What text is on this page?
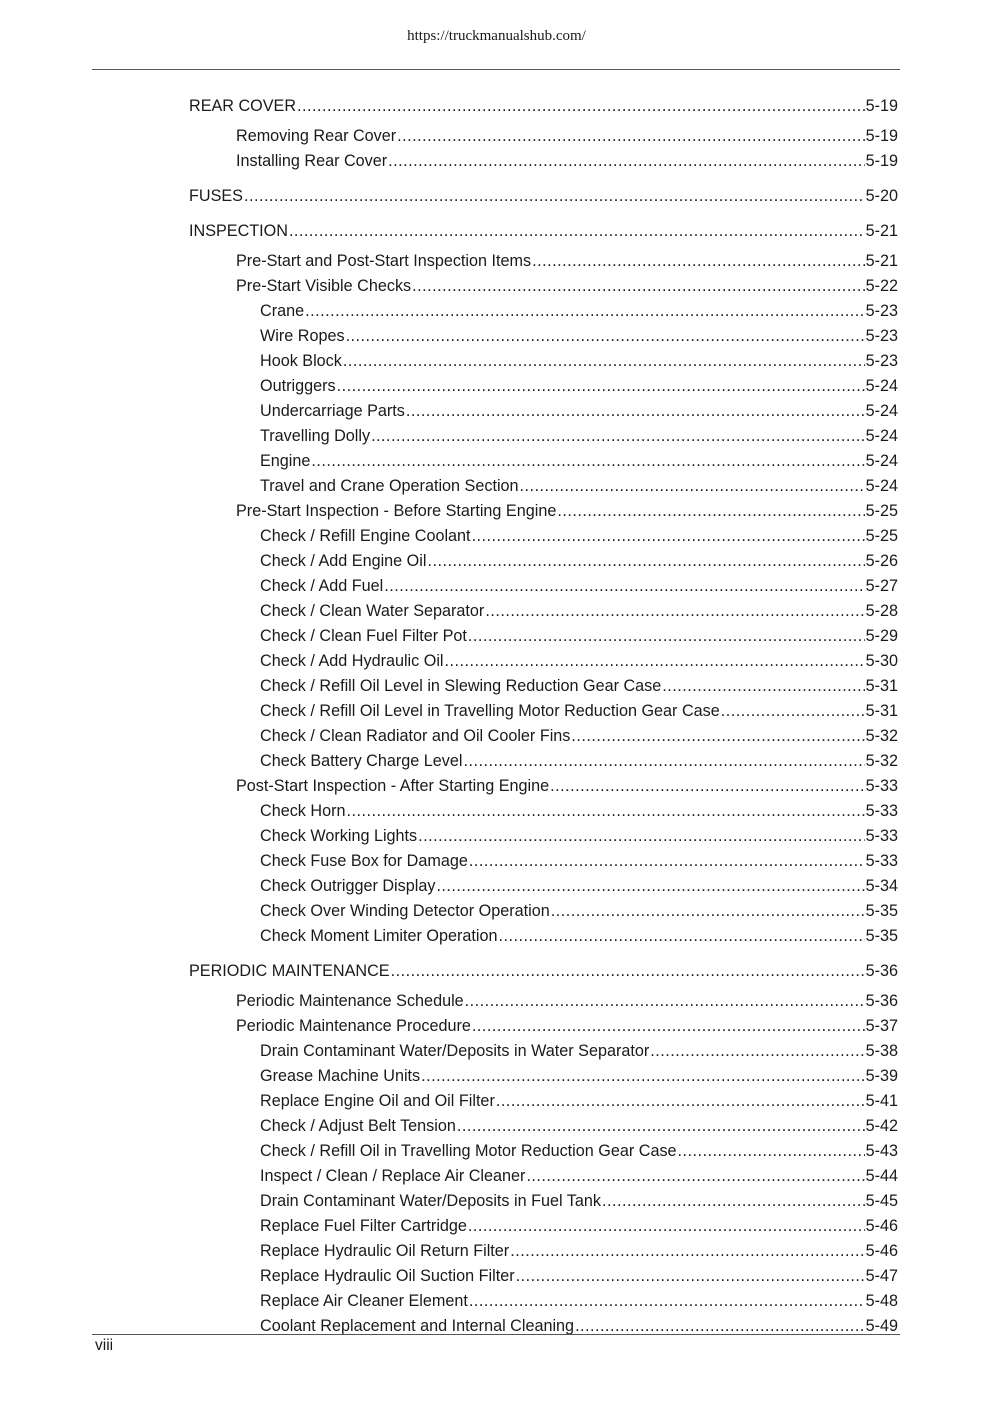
https://truckmanualshub.com/
REAR COVER .....	5-19
Removing Rear Cover .....	5-19
Installing Rear Cover .....	5-19
FUSES .....	5-20
INSPECTION .....	5-21
Pre-Start and Post-Start Inspection Items .....	5-21
Pre-Start Visible Checks .....	5-22
Crane .....	5-23
Wire Ropes .....	5-23
Hook Block .....	5-23
Outriggers .....	5-24
Undercarriage Parts .....	5-24
Travelling Dolly .....	5-24
Engine .....	5-24
Travel and Crane Operation Section .....	5-24
Pre-Start Inspection - Before Starting Engine .....	5-25
Check / Refill Engine Coolant .....	5-25
Check / Add Engine Oil .....	5-26
Check / Add Fuel .....	5-27
Check / Clean Water Separator .....	5-28
Check / Clean Fuel Filter Pot .....	5-29
Check / Add Hydraulic Oil .....	5-30
Check / Refill Oil Level in Slewing Reduction Gear Case .....	5-31
Check / Refill Oil Level in Travelling Motor Reduction Gear Case .....	5-31
Check / Clean Radiator and Oil Cooler Fins .....	5-32
Check Battery Charge Level .....	5-32
Post-Start Inspection - After Starting Engine .....	5-33
Check Horn .....	5-33
Check Working Lights .....	5-33
Check Fuse Box for Damage .....	5-33
Check Outrigger Display .....	5-34
Check Over Winding Detector Operation .....	5-35
Check Moment Limiter Operation .....	5-35
PERIODIC MAINTENANCE .....	5-36
Periodic Maintenance Schedule .....	5-36
Periodic Maintenance Procedure .....	5-37
Drain Contaminant Water/Deposits in Water Separator .....	5-38
Grease Machine Units .....	5-39
Replace Engine Oil and Oil Filter .....	5-41
Check / Adjust Belt Tension .....	5-42
Check / Refill Oil in Travelling Motor Reduction Gear Case .....	5-43
Inspect / Clean / Replace Air Cleaner .....	5-44
Drain Contaminant Water/Deposits in Fuel Tank .....	5-45
Replace Fuel Filter Cartridge .....	5-46
Replace Hydraulic Oil Return Filter .....	5-46
Replace Hydraulic Oil Suction Filter .....	5-47
Replace Air Cleaner Element .....	5-48
Coolant Replacement and Internal Cleaning .....	5-49
viii
